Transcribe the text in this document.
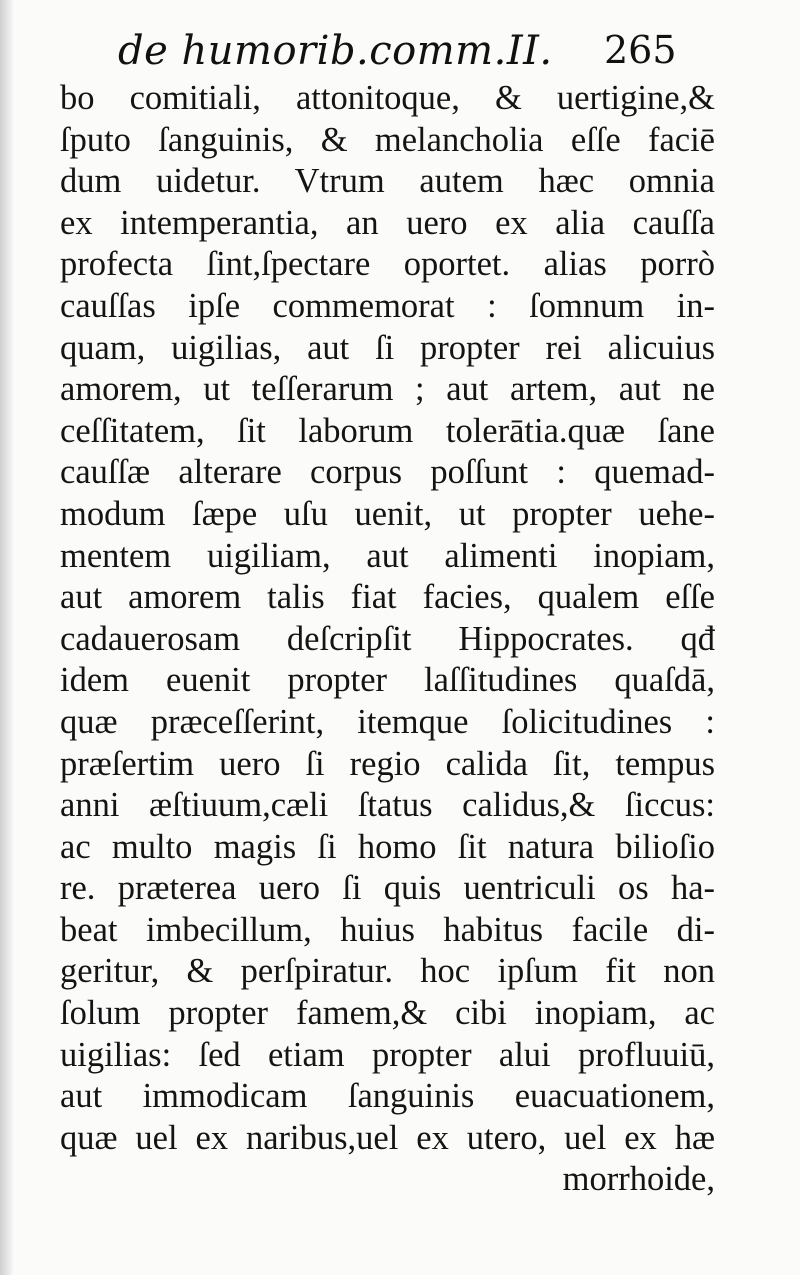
de humorib.comm.II. 265
bo comitiali, attonitoque, & uertigine,&
ſputo ſanguinis, & melancholia eſſe faciē
dum uidetur. Vtrum autem hæc omnia
ex intemperantia, an uero ex alia cauſſa
profecta ſint,ſpectare oportet. alias porrò
cauſſas ipſe commemorat : ſomnum in-
quam, uigilias, aut ſi propter rei alicuius
amorem, ut teſſerarum ; aut artem, aut ne
ceſſitatem, ſit laborum tolerātia.quæ ſane
cauſſæ alterare corpus poſſunt : quemad-
modum ſæpe uſu uenit, ut propter uehe-
mentem uigiliam, aut alimenti inopiam,
aut amorem talis fiat facies, qualem eſſe
cadauerosam deſcripſit Hippocrates. qđ
idem euenit propter laſſitudines quaſdā,
quæ præceſſerint, itemque ſolicitudines :
præſertim uero ſi regio calida ſit, tempus
anni æſtiuum,cæli ſtatus calidus,& ſiccus:
ac multo magis ſi homo ſit natura bilioſio
re. præterea uero ſi quis uentriculi os ha-
beat imbecillum, huius habitus facile di-
geritur, & perſpiratur. hoc ipſum fit non
ſolum propter famem,& cibi inopiam, ac
uigilias: ſed etiam propter alui profluuiū,
aut immodicam ſanguinis euacuationem,
quæ uel ex naribus,uel ex utero, uel ex hæ
morrhoide,
